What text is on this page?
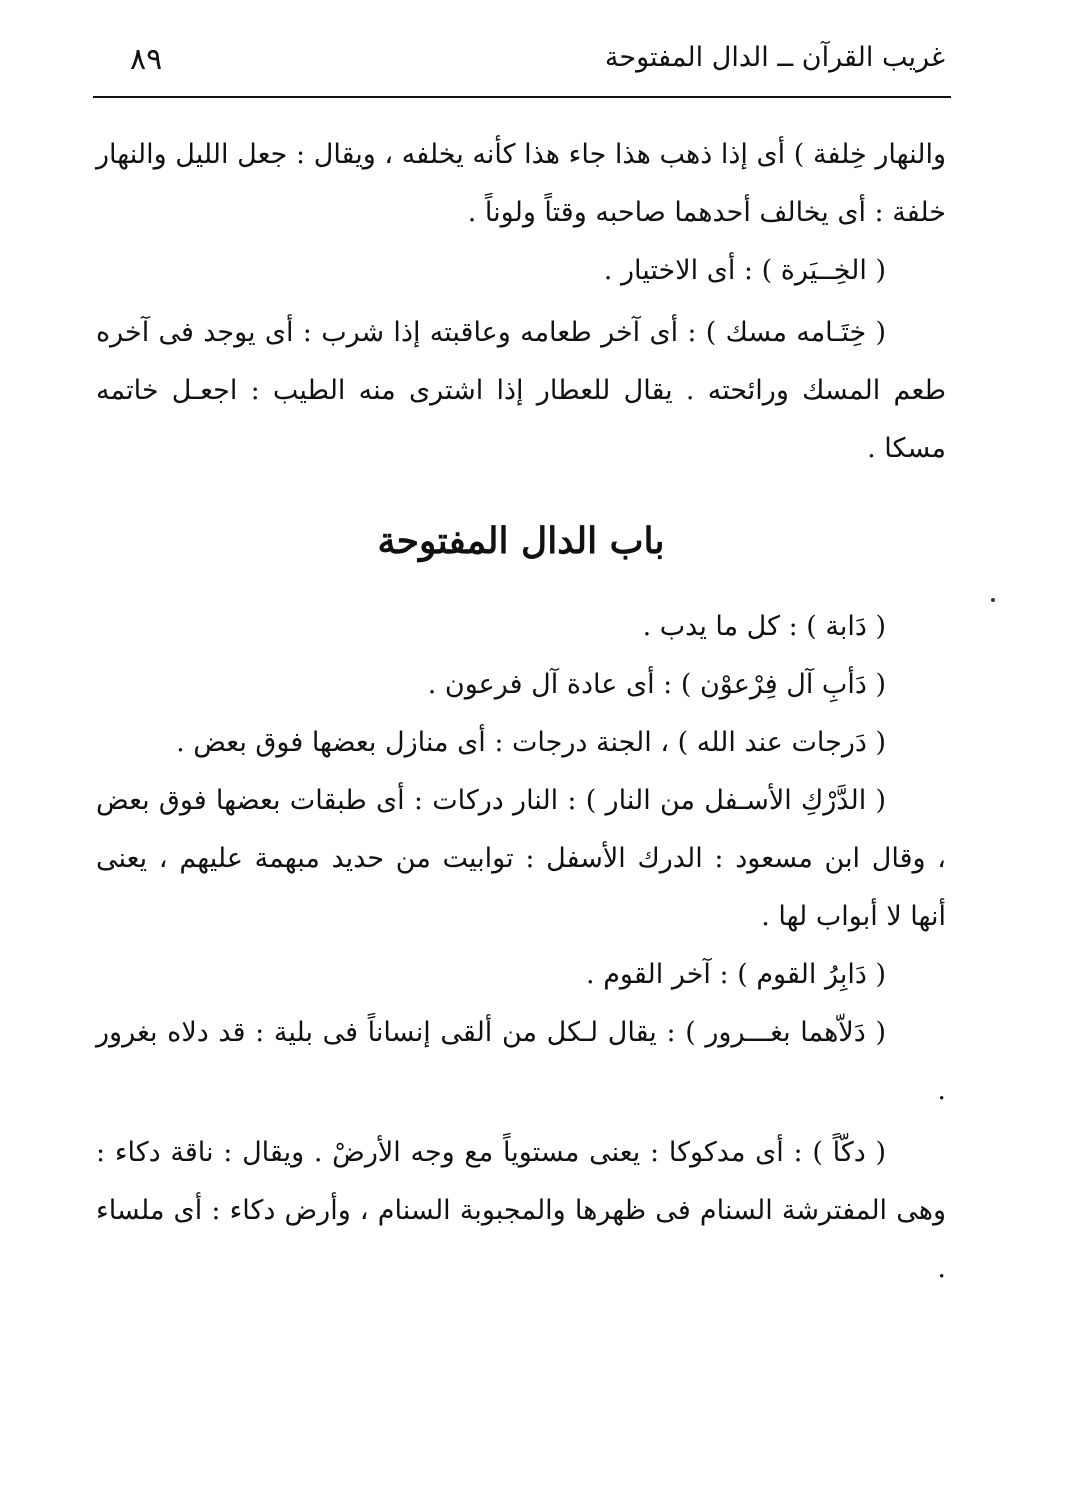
٨٩	غريب القرآن ــ الدال المفتوحة

والنهار خِلفة ) أى إذا ذهب هذا جاء هذا كأنه يخلفه ، ويقال : جعل الليل والنهار خلفة : أى يخالف أحدهما صاحبه وقتاً ولوناً .

( الخِــيَرة ) : أى الاختيار .

( خِتَـامه مسك ) : أى آخر طعامه وعاقبته إذا شرب : أى يوجد فى آخره طعم المسك ورائحته . يقال للعطار إذا اشترى منه الطيب : اجعـل خاتمه مسكا .

باب الدال المفتوحة

( دَابة ) : كل ما يدب .

( دَأبِ آل فِرْعوْن ) : أى عادة آل فرعون .

( دَرجات عند الله ) ، الجنة درجات : أى منازل بعضها فوق بعض .

( الدَّرْكِ الأسـفل من النار ) : النار دركات : أى طبقات بعضها فوق بعض ، وقال ابن مسعود : الدرك الأسفل : توابيت من حديد مبهمة عليهم ، يعنى أنها لا أبواب لها .

( دَابِرُ القوم ) : آخر القوم .

( دَلاّهما بغـــرور ) : يقال لـكل من ألقى إنساناً فى بلية : قد دلاه بغرور .

( دكّاً ) : أى مدكوكا : يعنى مستوياً مع وجه الأرضْ . ويقال : ناقة دكاء : وهى المفترشة السنام فى ظهرها والمجبوبة السنام ، وأرض دكاء : أى ملساء .
